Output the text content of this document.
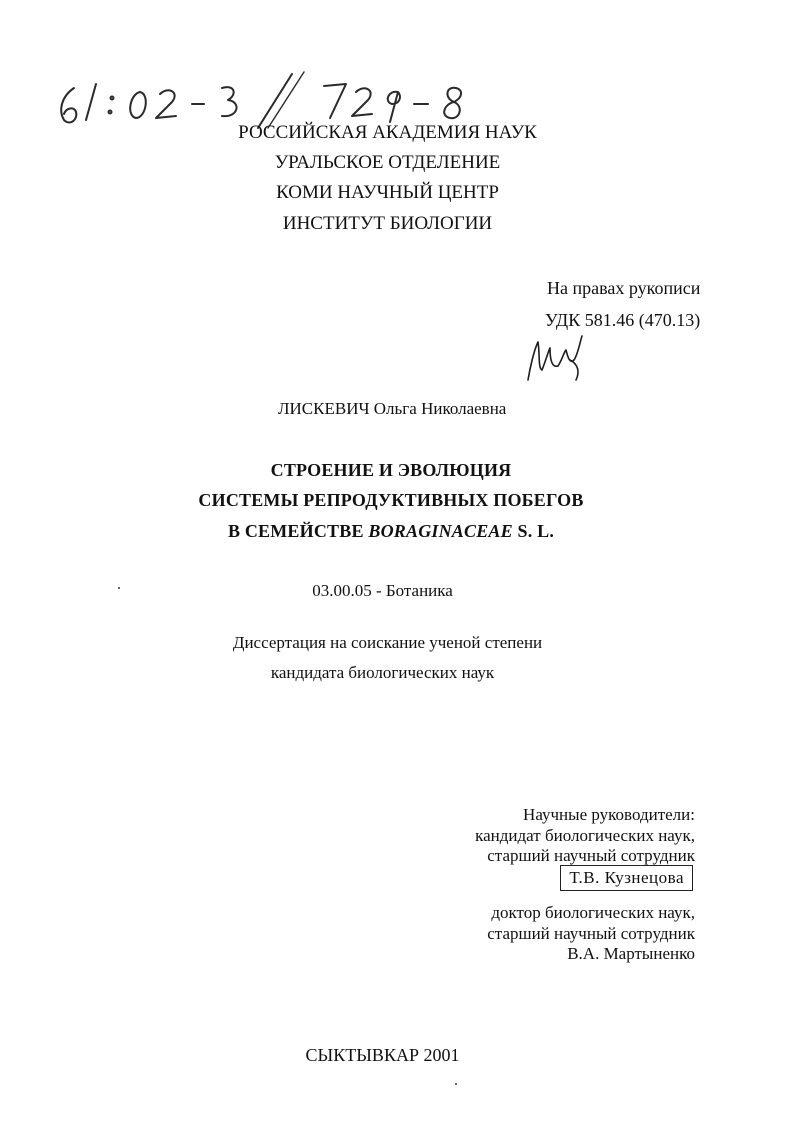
РОССИЙСКАЯ АКАДЕМИЯ НАУК
УРАЛЬСКОЕ ОТДЕЛЕНИЕ
КОМИ НАУЧНЫЙ ЦЕНТР
ИНСТИТУТ БИОЛОГИИ
На правах рукописи
УДК 581.46 (470.13)
ЛИСКЕВИЧ Ольга Николаевна
СТРОЕНИЕ И ЭВОЛЮЦИЯ
СИСТЕМЫ РЕПРОДУКТИВНЫХ ПОБЕГОВ
В СЕМЕЙСТВЕ BORAGINACEAE S. L.
03.00.05 - Ботаника
Диссертация на соискание ученой степени
кандидата биологических наук
Научные руководители:
кандидат биологических наук,
старший научный сотрудник
Т.В. Кузнецова
доктор биологических наук,
старший научный сотрудник
В.А. Мартыненко
СЫКТЫВКАР 2001
